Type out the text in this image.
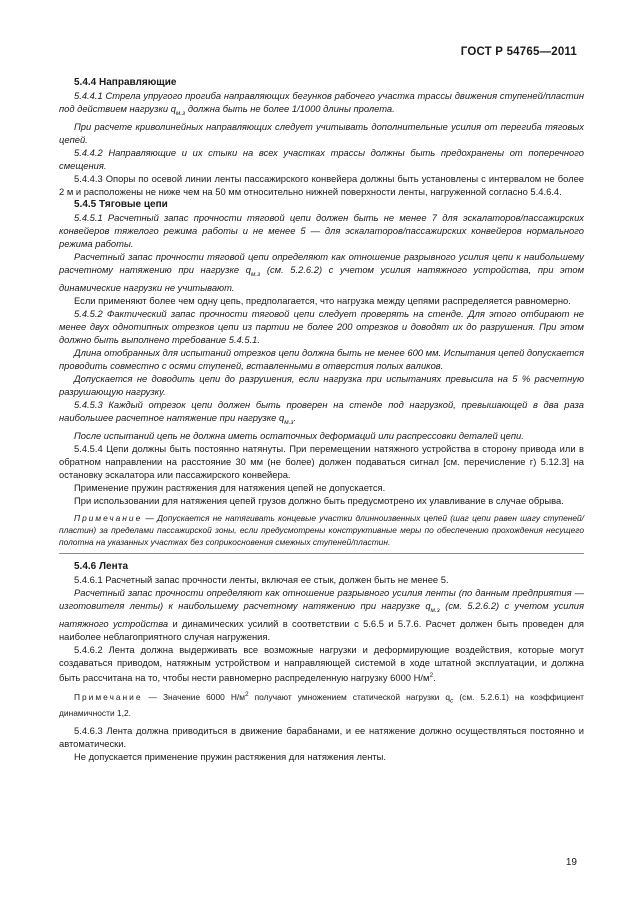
ГОСТ Р 54765—2011

5.4.4 Направляющие

5.4.4.1 Стрела упругого прогиба направляющих бегунков рабочего участка трассы движения ступеней/пластин под действием нагрузки $q_{м.з}$ должна быть не более 1/1000 длины пролета.

При расчете криволинейных направляющих следует учитывать дополнительные усилия от перегиба тяговых цепей.

5.4.4.2 Направляющие и их стыки на всех участках трассы должны быть предохранены от поперечного смещения.

5.4.4.3 Опоры по осевой линии ленты пассажирского конвейера должны быть установлены с интервалом не более 2 м и расположены не ниже чем на 50 мм относительно нижней поверхности ленты, нагруженной согласно 5.4.6.4.

5.4.5 Тяговые цепи

5.4.5.1 Расчетный запас прочности тяговой цепи должен быть не менее 7 для эскалаторов/пассажирских конвейеров тяжелого режима работы и не менее 5 — для эскалаторов/пассажирских конвейеров нормального режима работы.

Расчетный запас прочности тяговой цепи определяют как отношение разрывного усилия цепи к наибольшему расчетному натяжению при нагрузке $q_{м.з}$ (см. 5.2.6.2) с учетом усилия натяжного устройства, при этом динамические нагрузки не учитывают.

Если применяют более чем одну цепь, предполагается, что нагрузка между цепями распределяется равномерно.

5.4.5.2 Фактический запас прочности тяговой цепи следует проверять на стенде. Для этого отбирают не менее двух однотипных отрезков цепи из партии не более 200 отрезков и доводят их до разрушения. При этом должно быть выполнено требование 5.4.5.1.

Длина отобранных для испытаний отрезков цепи должна быть не менее 600 мм. Испытания цепей допускается проводить совместно с осями ступеней, вставленными в отверстия полых валиков.

Допускается не доводить цепи до разрушения, если нагрузка при испытаниях превысила на 5 % расчетную разрушающую нагрузку.

5.4.5.3 Каждый отрезок цепи должен быть проверен на стенде под нагрузкой, превышающей в два раза наибольшее расчетное натяжение при нагрузке $q_{м.з}$.

После испытаний цепь не должна иметь остаточных деформаций или распрессовки деталей цепи.

5.4.5.4 Цепи должны быть постоянно натянуты. При перемещении натяжного устройства в сторону привода или в обратном направлении на расстояние 30 мм (не более) должен подаваться сигнал [см. перечисление г) 5.12.3] на остановку эскалатора или пассажирского конвейера.

Применение пружин растяжения для натяжения цепей не допускается.

При использовании для натяжения цепей грузов должно быть предусмотрено их улавливание в случае обрыва.

Примечание — Допускается не натягивать концевые участки длинноизвенных цепей (шаг цепи равен шагу ступеней/пластин) за пределами пассажирской зоны, если предусмотрены конструктивные меры по обеспечению прохождения несущего полотна на указанных участках без соприкосновения смежных ступеней/пластин.

5.4.6 Лента

5.4.6.1 Расчетный запас прочности ленты, включая ее стык, должен быть не менее 5.

Расчетный запас прочности определяют как отношение разрывного усилия ленты (по данным предприятия — изготовителя ленты) к наибольшему расчетному натяжению при нагрузке $q_{м.з}$ (см. 5.2.6.2) с учетом усилия натяжного устройства и динамических усилий в соответствии с 5.6.5 и 5.7.6. Расчет должен быть проведен для наиболее неблагоприятного случая нагружения.

5.4.6.2 Лента должна выдерживать все возможные нагрузки и деформирующие воздействия, которые могут создаваться приводом, натяжным устройством и направляющей системой в ходе штатной эксплуатации, и должна быть рассчитана на то, чтобы нести равномерно распределенную нагрузку 6000 $Н/м^2$.

Примечание — Значение 6000 $Н/м^2$ получают умножением статической нагрузки $q_с$ (см. 5.2.6.1) на коэффициент динамичности 1,2.

5.4.6.3 Лента должна приводиться в движение барабанами, и ее натяжение должно осуществляться постоянно и автоматически.

Не допускается применение пружин растяжения для натяжения ленты.

19
